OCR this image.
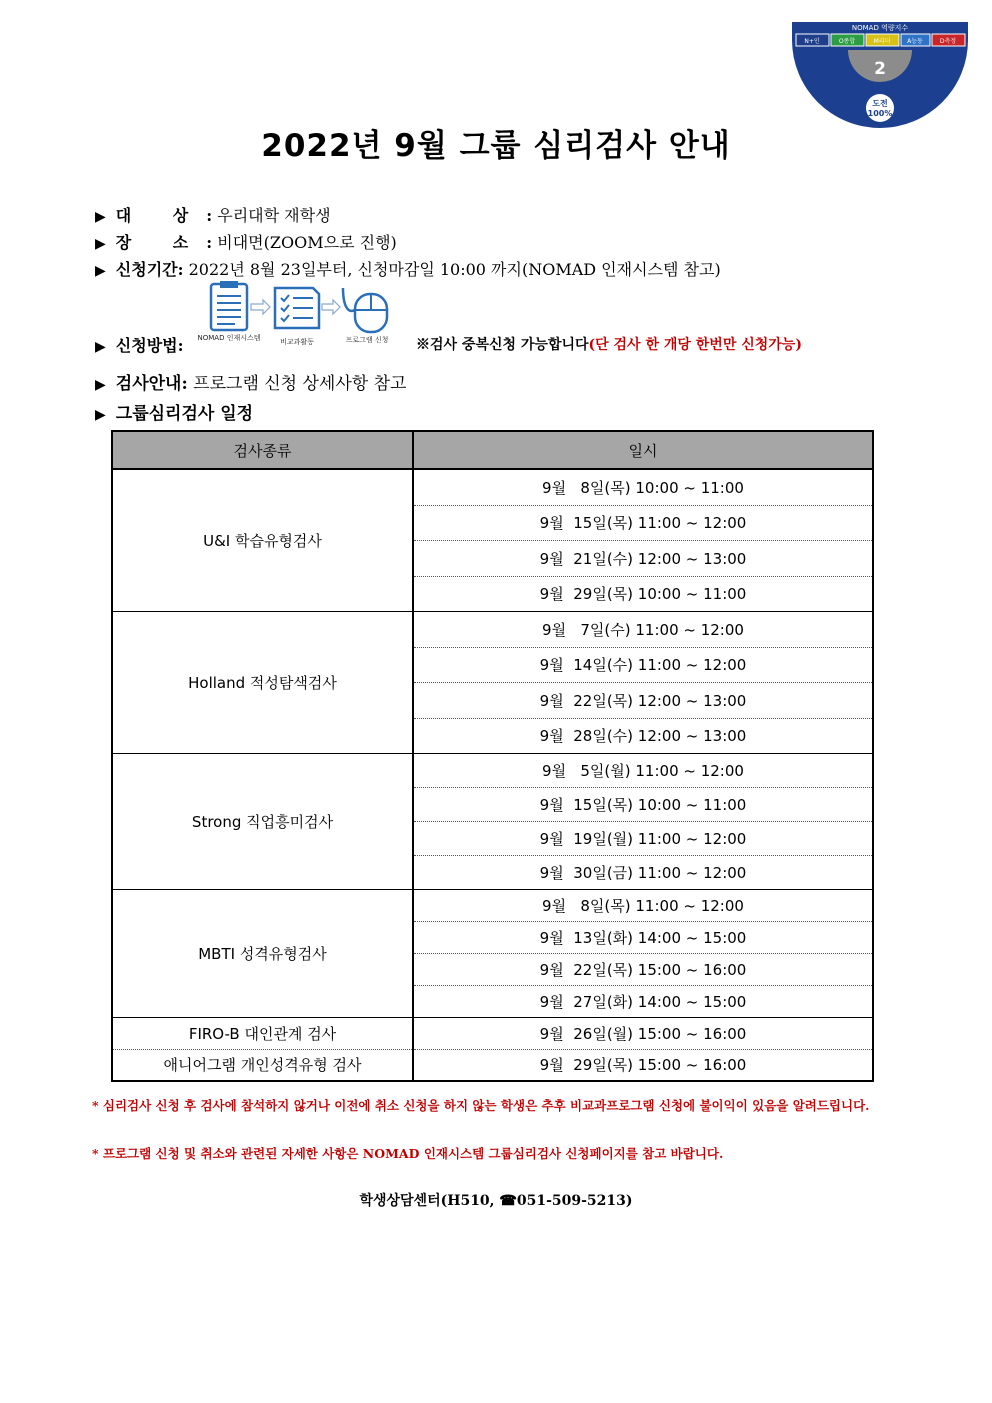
NOMAD 역량지수
N+인	O종합	M리더	A능동	D측정
2
도전
100%
2022년 9월 그룹 심리검사 안내
▶ 대 상: 우리대학 재학생
▶ 장 소: 비대면(ZOOM으로 진행)
▶ 신청기간: 2022년 8월 23일부터, 신청마감일 10:00 까지(NOMAD 인재시스템 참고)
NOMAD 인재시스템	비교과활동	프로그램 신청
▶ 신청방법:	※검사 중복신청 가능합니다(단 검사 한 개당 한번만 신청가능)
▶ 검사안내: 프로그램 신청 상세사항 참고
▶ 그룹심리검사 일정
검사종류	일시
U&I 학습유형검사	9월   8일(목) 10:00 ~ 11:00
	9월  15일(목) 11:00 ~ 12:00
	9월  21일(수) 12:00 ~ 13:00
	9월  29일(목) 10:00 ~ 11:00
Holland 적성탐색검사	9월   7일(수) 11:00 ~ 12:00
	9월  14일(수) 11:00 ~ 12:00
	9월  22일(목) 12:00 ~ 13:00
	9월  28일(수) 12:00 ~ 13:00
Strong 직업흥미검사	9월   5일(월) 11:00 ~ 12:00
	9월  15일(목) 10:00 ~ 11:00
	9월  19일(월) 11:00 ~ 12:00
	9월  30일(금) 11:00 ~ 12:00
MBTI 성격유형검사	9월   8일(목) 11:00 ~ 12:00
	9월  13일(화) 14:00 ~ 15:00
	9월  22일(목) 15:00 ~ 16:00
	9월  27일(화) 14:00 ~ 15:00
FIRO-B 대인관계 검사	9월  26일(월) 15:00 ~ 16:00
애니어그램 개인성격유형 검사	9월  29일(목) 15:00 ~ 16:00
* 심리검사 신청 후 검사에 참석하지 않거나 이전에 취소 신청을 하지 않는 학생은 추후 비교과프로그램 신청에 불이익이 있음을 알려드립니다.
* 프로그램 신청 및 취소와 관련된 자세한 사항은 NOMAD 인재시스템 그룹심리검사 신청페이지를 참고 바랍니다.
학생상담센터(H510, ☎051-509-5213)
